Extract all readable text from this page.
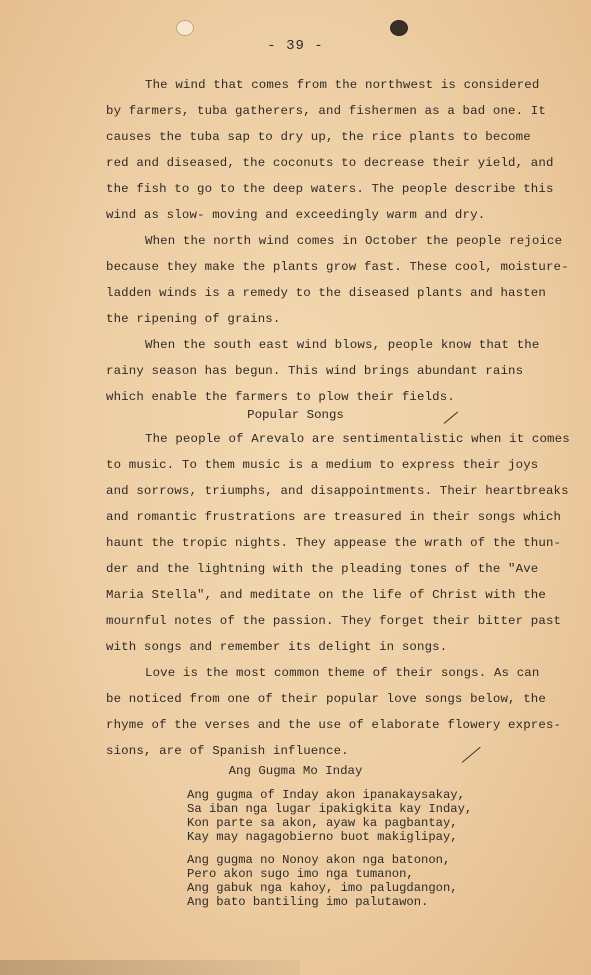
- 39 -
The wind that comes from the northwest is considered
by farmers, tuba gatherers, and fishermen as a bad one. It
causes the tuba sap to dry up, the rice plants to become
red and diseased, the coconuts to decrease their yield, and
the fish to go to the deep waters. The people describe this
wind as slow- moving and exceedingly warm and dry.
When the north wind comes in October the people rejoice
because they make the plants grow fast. These cool, moisture-
ladden winds is a remedy to the diseased plants and hasten
the ripening of grains.
When the south east wind blows, people know that the
rainy season has begun. This wind brings abundant rains
which enable the farmers to plow their fields.
Popular Songs
The people of Arevalo are sentimentalistic when it comes
to music. To them music is a medium to express their joys
and sorrows, triumphs, and disappointments. Their heartbreaks
and romantic frustrations are treasured in their songs which
haunt the tropic nights. They appease the wrath of the thun-
der and the lightning with the pleading tones of the "Ave
Maria Stella", and meditate on the life of Christ with the
mournful notes of the passion. They forget their bitter past
with songs and remember its delight in songs.
Love is the most common theme of their songs. As can
be noticed from one of their popular love songs below, the
rhyme of the verses and the use of elaborate flowery expres-
sions, are of Spanish influence.
Ang Gugma Mo Inday
Ang gugma of Inday akon ipanakaysakay,
Sa iban nga lugar ipakigkita kay Inday,
Kon parte sa akon, ayaw ka pagbantay,
Kay may nagagobierno buot makiglipay,
Ang gugma no Nonoy akon nga batonon,
Pero akon sugo imo nga tumanon,
Ang gabuk nga kahoy, imo palugdangon,
Ang bato bantiling imo palutawon.
